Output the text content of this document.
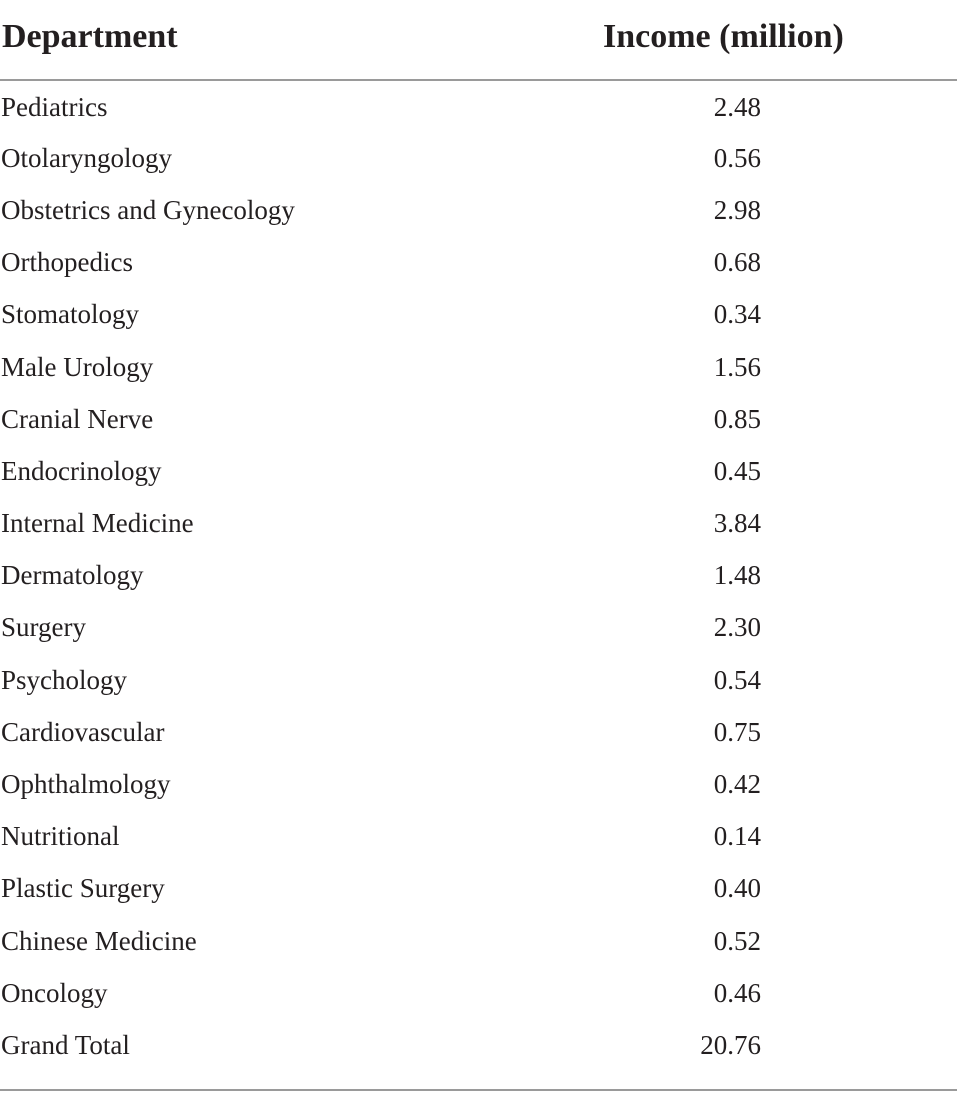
Department	Income (million)
Pediatrics	2.48
Otolaryngology	0.56
Obstetrics and Gynecology	2.98
Orthopedics	0.68
Stomatology	0.34
Male Urology	1.56
Cranial Nerve	0.85
Endocrinology	0.45
Internal Medicine	3.84
Dermatology	1.48
Surgery	2.30
Psychology	0.54
Cardiovascular	0.75
Ophthalmology	0.42
Nutritional	0.14
Plastic Surgery	0.40
Chinese Medicine	0.52
Oncology	0.46
Grand Total	20.76
